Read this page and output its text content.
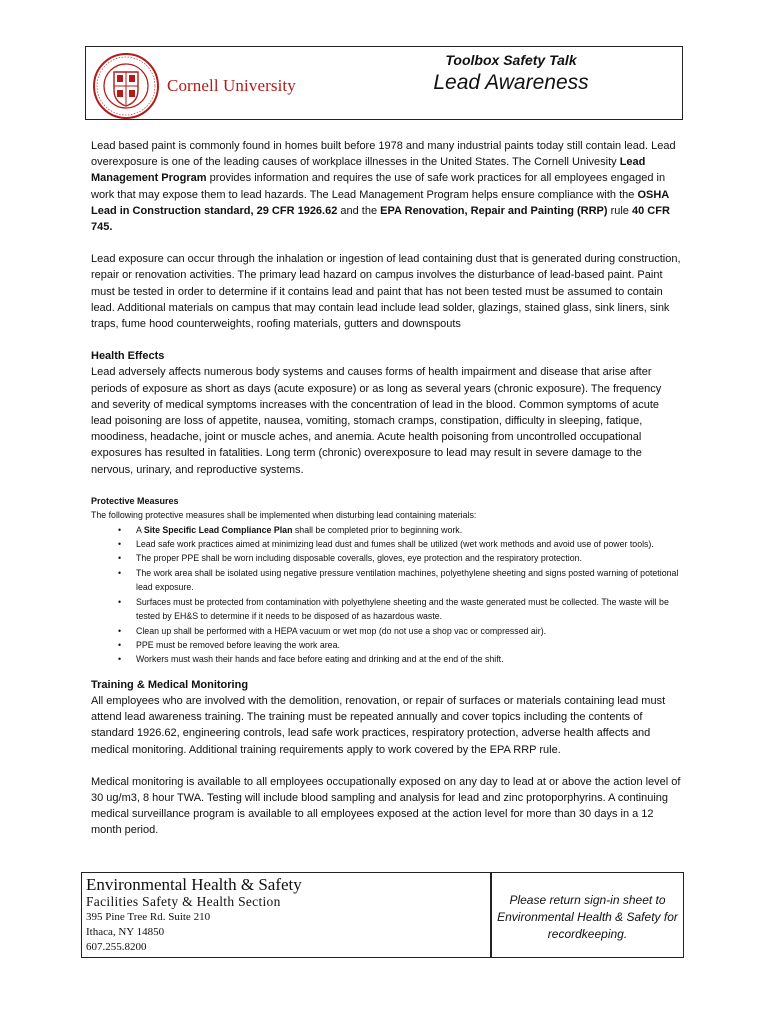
Cornell University
Toolbox Safety Talk
Lead Awareness

Lead based paint is commonly found in homes built before 1978 and many industrial paints today still contain lead. Lead overexposure is one of the leading causes of workplace illnesses in the United States. The Cornell Univesity Lead Management Program provides information and requires the use of safe work practices for all employees engaged in work that may expose them to lead hazards. The Lead Management Program helps ensure compliance with the OSHA Lead in Construction standard, 29 CFR 1926.62 and the EPA Renovation, Repair and Painting (RRP) rule 40 CFR 745.

Lead exposure can occur through the inhalation or ingestion of lead containing dust that is generated during construction, repair or renovation activities. The primary lead hazard on campus involves the disturbance of lead-based paint. Paint must be tested in order to determine if it contains lead and paint that has not been tested must be assumed to contain lead. Additional materials on campus that may contain lead include lead solder, glazings, stained glass, sink liners, sink traps, fume hood counterweights, roofing materials, gutters and downspouts

Health Effects

Lead adversely affects numerous body systems and causes forms of health impairment and disease that arise after periods of exposure as short as days (acute exposure) or as long as several years (chronic exposure). The frequency and severity of medical symptoms increases with the concentration of lead in the blood. Common symptoms of acute lead poisoning are loss of appetite, nausea, vomiting, stomach cramps, constipation, difficulty in sleeping, fatique, moodiness, headache, joint or muscle aches, and anemia. Acute health poisoning from uncontrolled occupational exposures has resulted in fatalities. Long term (chronic) overexposure to lead may result in severe damage to the nervous, urinary, and reproductive systems.

Protective Measures
The following protective measures shall be implemented when disturbing lead containing materials:
• A Site Specific Lead Compliance Plan shall be completed prior to beginning work.
• Lead safe work practices aimed at minimizing lead dust and fumes shall be utilized (wet work methods and avoid use of power tools).
• The proper PPE shall be worn including disposable coveralls, gloves, eye protection and the respiratory protection.
• The work area shall be isolated using negative pressure ventilation machines, polyethylene sheeting and signs posted warning of potetional lead exposure.
• Surfaces must be protected from contamination with polyethylene sheeting and the waste generated must be collected. The waste will be tested by EH&S to determine if it needs to be disposed of as hazardous waste.
• Clean up shall be performed with a HEPA vacuum or wet mop (do not use a shop vac or compressed air).
• PPE must be removed before leaving the work area.
• Workers must wash their hands and face before eating and drinking and at the end of the shift.
Training & Medical Monitoring

All employees who are involved with the demolition, renovation, or repair of surfaces or materials containing lead must attend lead awareness training. The training must be repeated annually and cover topics including the contents of standard 1926.62, engineering controls, lead safe work practices, respiratory protection, adverse health affects and medical monitoring. Additional training requirements apply to work covered by the EPA RRP rule.

Medical monitoring is available to all employees occupationally exposed on any day to lead at or above the action level of 30 ug/m3, 8 hour TWA. Testing will include blood sampling and analysis for lead and zinc protoporphyrins. A continuing medical surveillance program is available to all employees exposed at the action level for more than 30 days in a 12 month period.

Environmental Health & Safety
Facilities Safety & Health Section
395 Pine Tree Rd. Suite 210
Ithaca, NY 14850
607.255.8200
Please return sign-in sheet to Environmental Health & Safety for recordkeeping.
